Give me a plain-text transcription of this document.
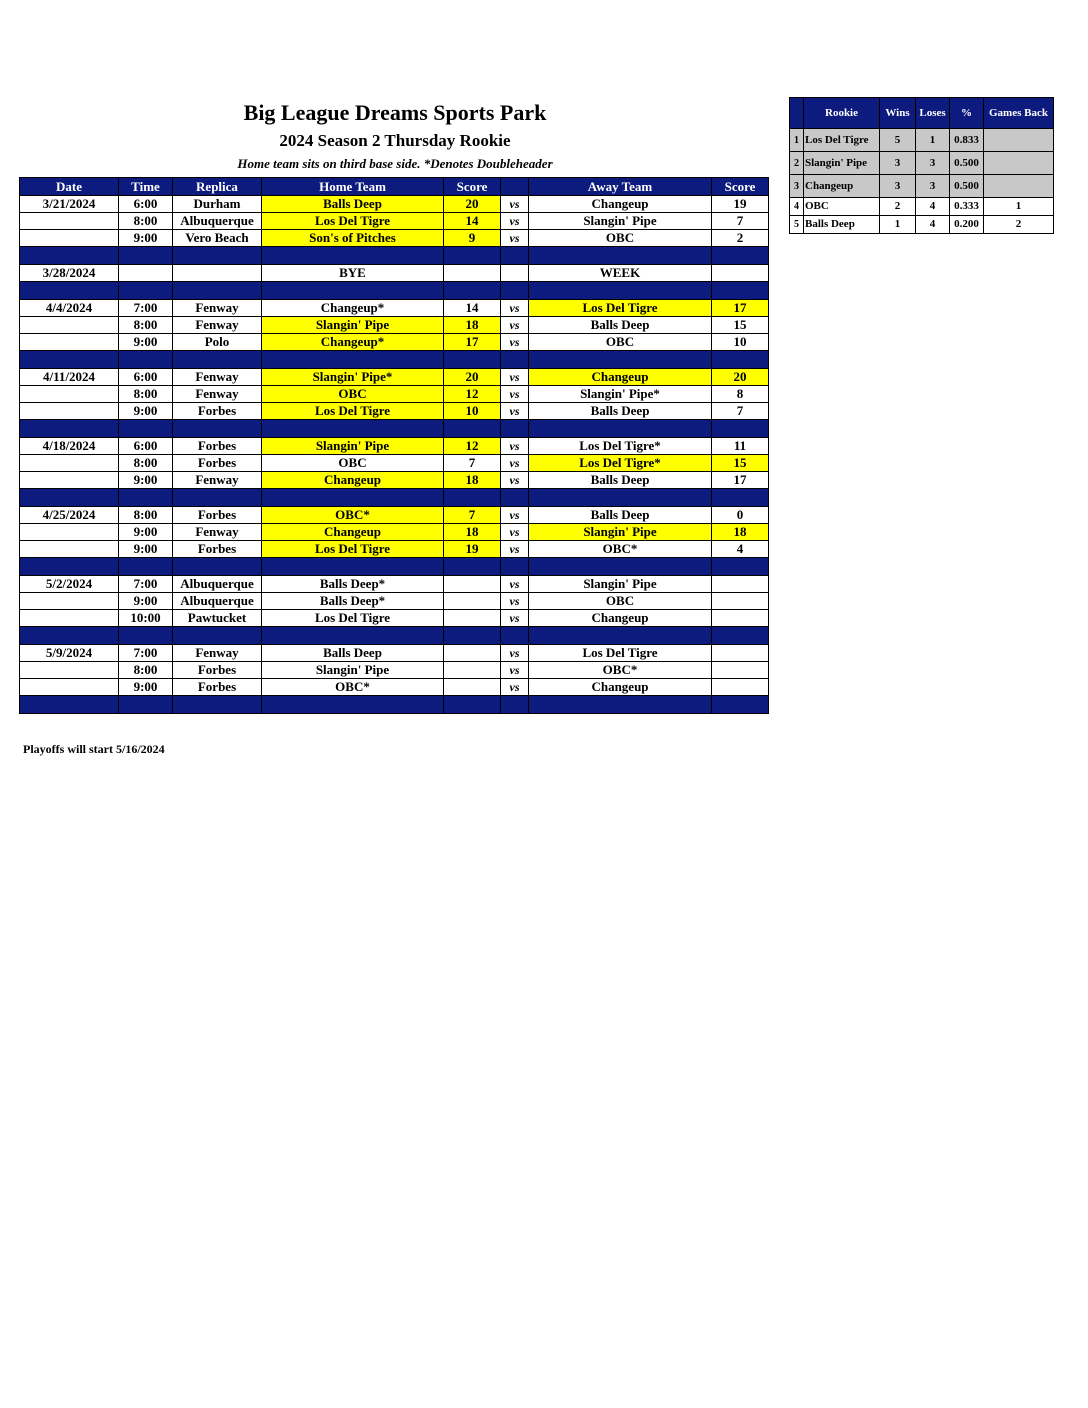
Big League Dreams Sports Park
2024 Season 2 Thursday Rookie
Home team sits on third base side. *Denotes Doubleheader
Date	Time	Replica	Home Team	Score		Away Team	Score
3/21/2024	6:00	Durham	Balls Deep	20	vs	Changeup	19
	8:00	Albuquerque	Los Del Tigre	14	vs	Slangin' Pipe	7
	9:00	Vero Beach	Son's of Pitches	9	vs	OBC	2

3/28/2024			BYE			WEEK	

4/4/2024	7:00	Fenway	Changeup*	14	vs	Los Del Tigre	17
	8:00	Fenway	Slangin' Pipe	18	vs	Balls Deep	15
	9:00	Polo	Changeup*	17	vs	OBC	10

4/11/2024	6:00	Fenway	Slangin' Pipe*	20	vs	Changeup	20
	8:00	Fenway	OBC	12	vs	Slangin' Pipe*	8
	9:00	Forbes	Los Del Tigre	10	vs	Balls Deep	7

4/18/2024	6:00	Forbes	Slangin' Pipe	12	vs	Los Del Tigre*	11
	8:00	Forbes	OBC	7	vs	Los Del Tigre*	15
	9:00	Fenway	Changeup	18	vs	Balls Deep	17

4/25/2024	8:00	Forbes	OBC*	7	vs	Balls Deep	0
	9:00	Fenway	Changeup	18	vs	Slangin' Pipe	18
	9:00	Forbes	Los Del Tigre	19	vs	OBC*	4

5/2/2024	7:00	Albuquerque	Balls Deep*		vs	Slangin' Pipe	
	9:00	Albuquerque	Balls Deep*		vs	OBC	
	10:00	Pawtucket	Los Del Tigre		vs	Changeup	

5/9/2024	7:00	Fenway	Balls Deep		vs	Los Del Tigre	
	8:00	Forbes	Slangin' Pipe		vs	OBC*	
	9:00	Forbes	OBC*		vs	Changeup	

	Rookie	Wins	Loses	%	Games Back
1	Los Del Tigre	5	1	0.833	
2	Slangin' Pipe	3	3	0.500	
3	Changeup	3	3	0.500	
4	OBC	2	4	0.333	1
5	Balls Deep	1	4	0.200	2
Playoffs will start 5/16/2024
